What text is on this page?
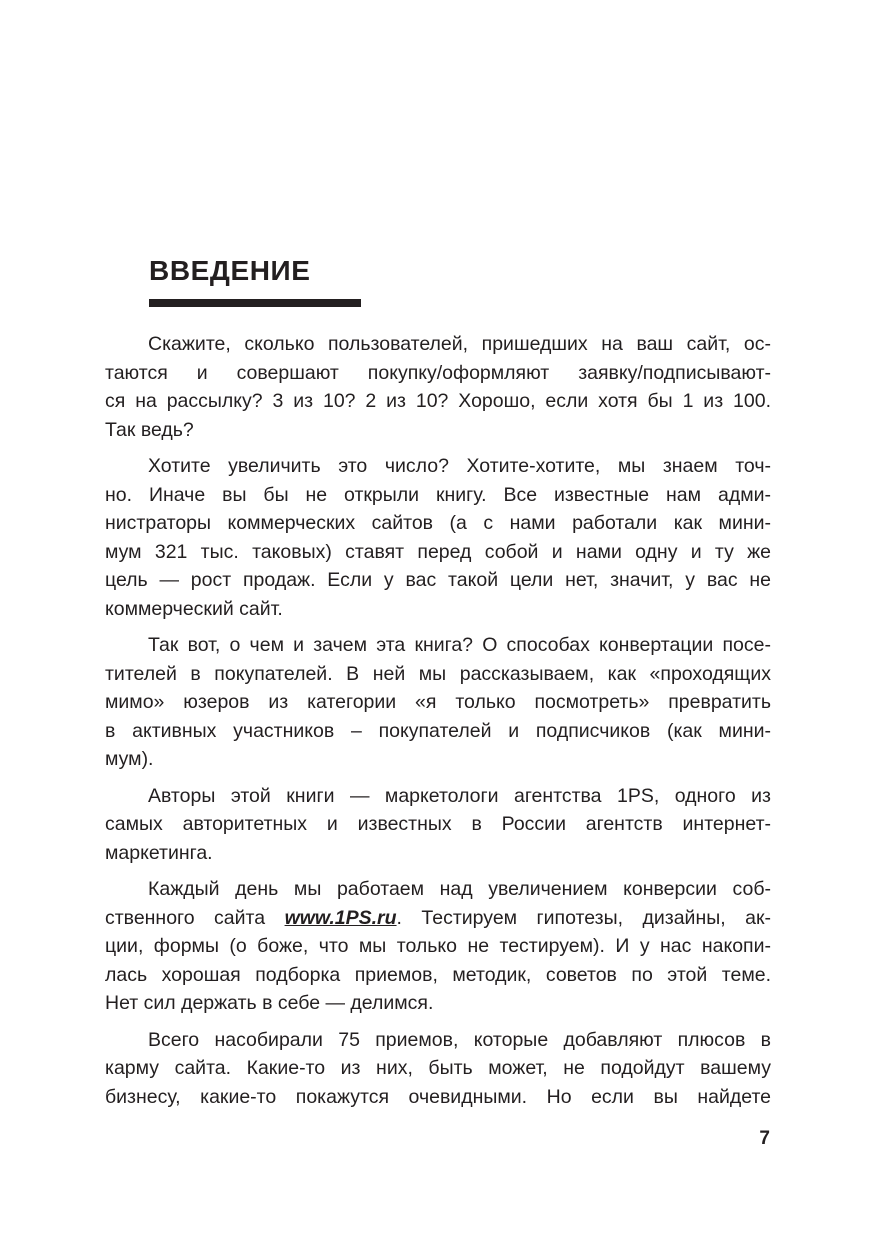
ВВЕДЕНИЕ
Скажите, сколько пользователей, пришедших на ваш сайт, ос-
таются и совершают покупку/оформляют заявку/подписывают-
ся на рассылку? 3 из 10? 2 из 10? Хорошо, если хотя бы 1 из 100.
Так ведь?
Хотите увеличить это число? Хотите-хотите, мы знаем точ-
но. Иначе вы бы не открыли книгу. Все известные нам адми-
нистраторы коммерческих сайтов (а с нами работали как мини-
мум 321 тыс. таковых) ставят перед собой и нами одну и ту же
цель — рост продаж. Если у вас такой цели нет, значит, у вас не
коммерческий сайт.
Так вот, о чем и зачем эта книга? О способах конвертации посе-
тителей в покупателей. В ней мы рассказываем, как «проходящих
мимо» юзеров из категории «я только посмотреть» превратить
в активных участников – покупателей и подписчиков (как мини-
мум).
Авторы этой книги — маркетологи агентства 1PS, одного из
самых авторитетных и известных в России агентств интернет-
маркетинга.
Каждый день мы работаем над увеличением конверсии соб-
ственного сайта www.1PS.ru. Тестируем гипотезы, дизайны, ак-
ции, формы (о боже, что мы только не тестируем). И у нас накопи-
лась хорошая подборка приемов, методик, советов по этой теме.
Нет сил держать в себе — делимся.
Всего насобирали 75 приемов, которые добавляют плюсов в
карму сайта. Какие-то из них, быть может, не подойдут вашему
бизнесу, какие-то покажутся очевидными. Но если вы найдете
7
